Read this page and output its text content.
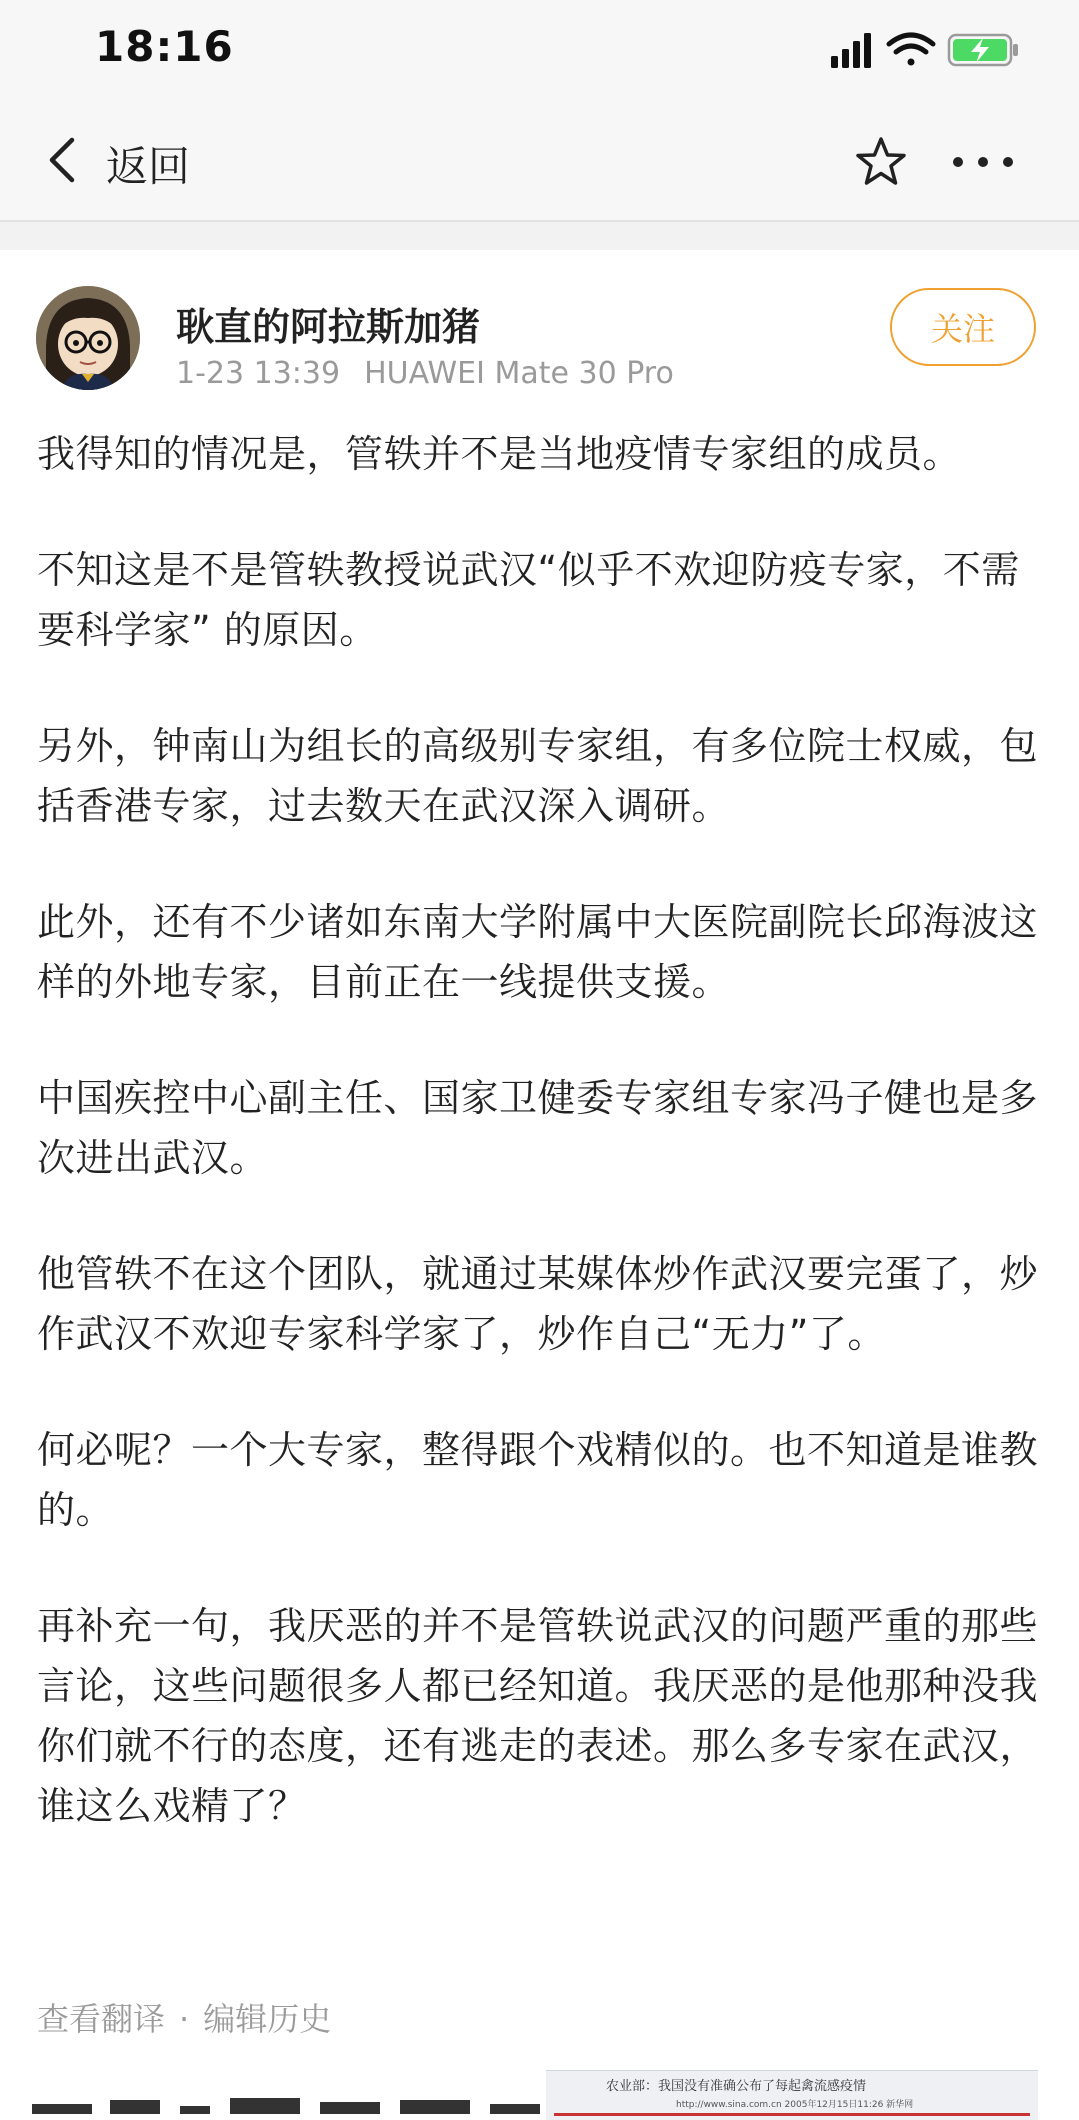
18:16
返回
耿直的阿拉斯加猪
1-23 13:39 HUAWEI Mate 30 Pro
关注

我得知的情况是，管轶并不是当地疫情专家组的成员。

不知这是不是管轶教授说武汉“似乎不欢迎防疫专家，不需要科学家” 的原因。

另外，钟南山为组长的高级别专家组，有多位院士权威，包括香港专家，过去数天在武汉深入调研。

此外，还有不少诸如东南大学附属中大医院副院长邱海波这样的外地专家，目前正在一线提供支援。

中国疾控中心副主任、国家卫健委专家组专家冯子健也是多次进出武汉。

他管轶不在这个团队，就通过某媒体炒作武汉要完蛋了，炒作武汉不欢迎专家科学家了，炒作自己“无力”了。

何必呢？一个大专家，整得跟个戏精似的。也不知道是谁教的。

再补充一句，我厌恶的并不是管轶说武汉的问题严重的那些言论，这些问题很多人都已经知道。我厌恶的是他那种没我你们就不行的态度，还有逃走的表述。那么多专家在武汉，谁这么戏精了？

查看翻译 · 编辑历史
农业部：我国没有准确公布了每起禽流感疫情
http://www.sina.com.cn 2005年12月15日11:26 新华网
